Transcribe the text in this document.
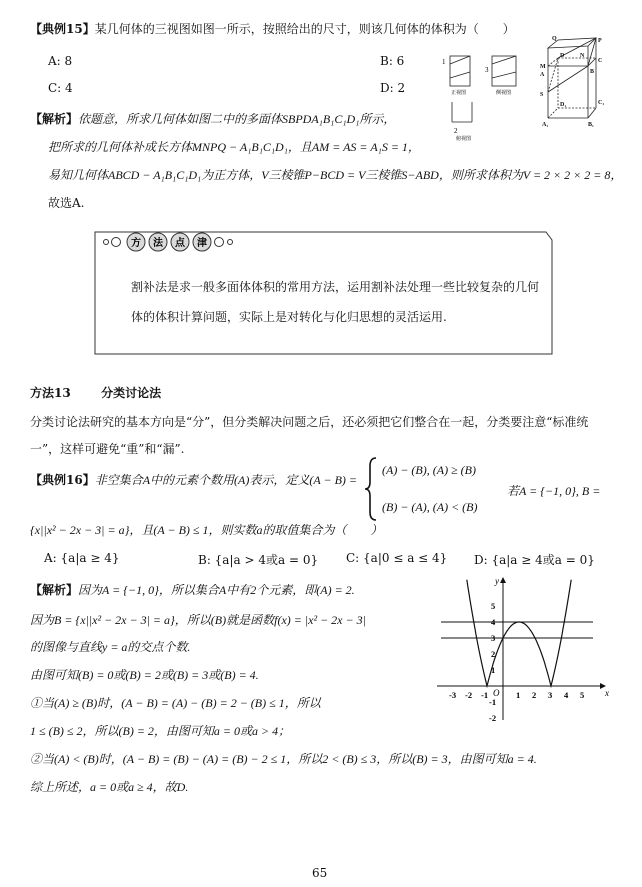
【典例15】某几何体的三视图如图一所示，按照给出的尺寸，则该几何体的体积为（　　）
A: 8	B: 6
C: 4	D: 2
【解析】依题意，所求几何体如图二中的多面体SBPDA₁B₁C₁D₁所示，
把所求的几何体补成长方体MNPQ − A₁B₁C₁D₁，且AM = AS = A₁S = 1，
易知几何体ABCD − A₁B₁C₁D₁为正方体，V三棱锥P−BCD = V三棱锥S−ABD，则所求体积为V = 2 × 2 × 2 = 8，
故选A.
正视图
3
侧视图
1
2
俯视图
Q	P
M
D	N
C
A	B
S
D₁	C₁
A₁	B₁
方 法 点 津
割补法是求一般多面体体积的常用方法，运用割补法处理一些比较复杂的几何
体的体积计算问题，实际上是对转化与化归思想的灵活运用.
方法13	分类讨论法
分类讨论法研究的基本方向是“分”，但分类解决问题之后，还必须把它们整合在一起，分类要注意“标准统
一”，这样可避免“重”和“漏”.
【典例16】非空集合A中的元素个数用(A)表示，定义(A − B) =
(A) − (B), (A) ≥ (B)
(B) − (A), (A) < (B)
若A = {−1, 0}, B =
{x||x² − 2x − 3| = a}，且(A − B) ≤ 1，则实数a的取值集合为（　　）
A: {a|a ≥ 4}	B: {a|a > 4或a = 0} C: {a|0 ≤ a ≤ 4} D: {a|a ≥ 4或a = 0}
【解析】因为A = {−1, 0}，所以集合A中有2个元素，即(A) = 2.
因为B = {x||x² − 2x − 3| = a}，所以(B)就是函数f(x) = |x² − 2x − 3|
的图像与直线y = a的交点个数.
由图可知(B) = 0或(B) = 2或(B) = 3或(B) = 4.
①当(A) ≥ (B)时，(A − B) = (A) − (B) = 2 − (B) ≤ 1，所以
1 ≤ (B) ≤ 2，所以(B) = 2，由图可知a = 0或a > 4；
②当(A) < (B)时，(A − B) = (B) − (A) = (B) − 2 ≤ 1，所以2 < (B) ≤ 3，所以(B) = 3，由图可知a = 4.
综上所述，a = 0或a ≥ 4，故D.
y
x
O
-3 -2 -1	1 2 3 4 5
5
4
3
2
1
-1
-2
65
